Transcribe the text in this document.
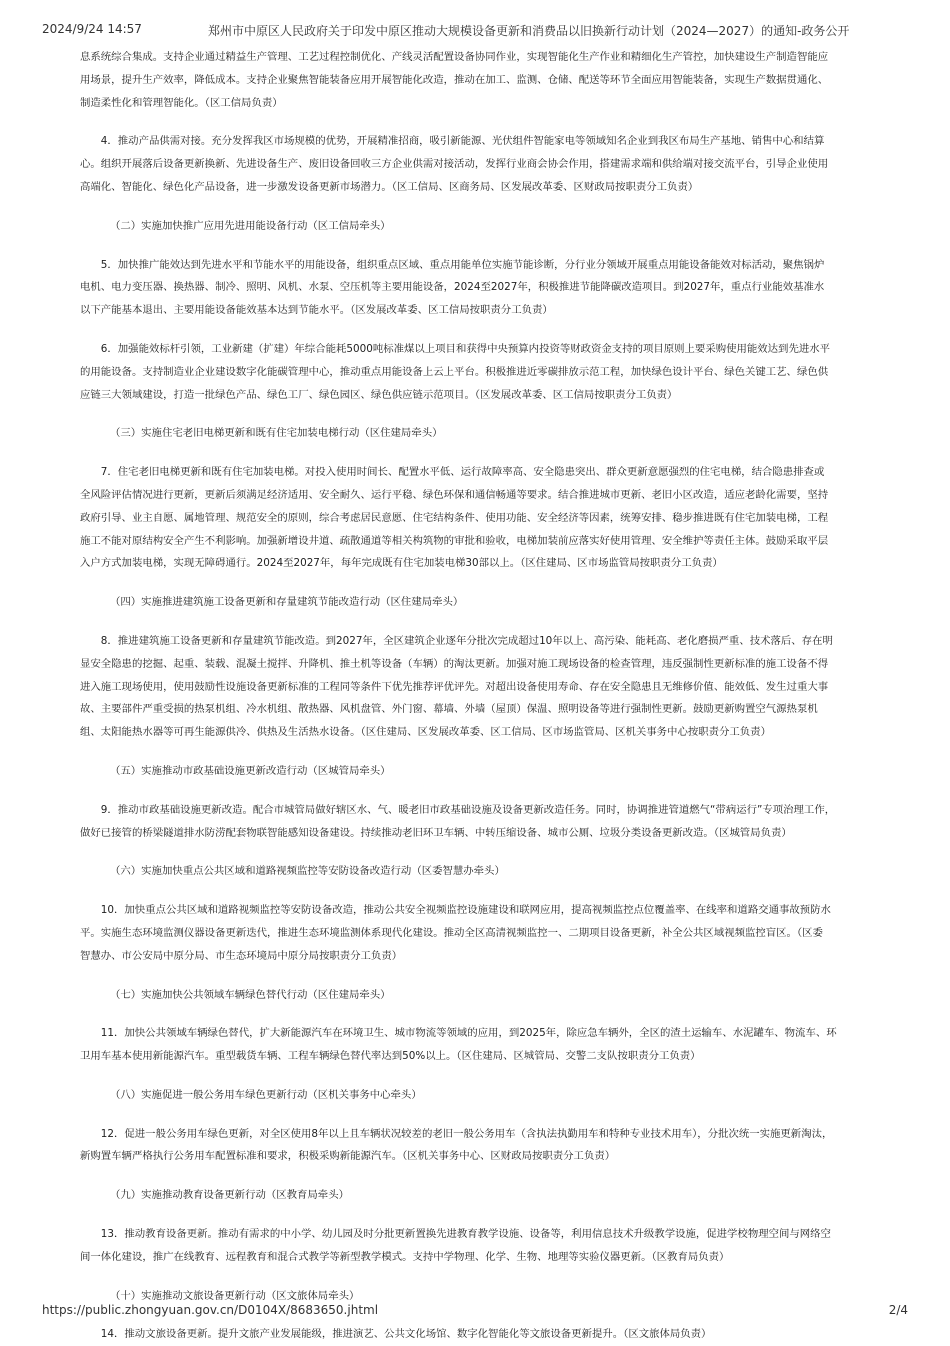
2024/9/24 14:57	郑州市中原区人民政府关于印发中原区推动大规模设备更新和消费品以旧换新行动计划（2024—2027）的通知-政务公开

息系统综合集成。支持企业通过精益生产管理、工艺过程控制优化、产线灵活配置设备协同作业，实现智能化生产作业和精细化生产管控，加快建设生产制造智能应

用场景，提升生产效率，降低成本。支持企业聚焦智能装备应用开展智能化改造，推动在加工、监测、仓储、配送等环节全面应用智能装备，实现生产数据贯通化、

制造柔性化和管理智能化。（区工信局负责）

　　4．推动产品供需对接。充分发挥我区市场规模的优势，开展精准招商，吸引新能源、光伏组件智能家电等领域知名企业到我区布局生产基地、销售中心和结算

心。组织开展落后设备更新换新、先进设备生产、废旧设备回收三方企业供需对接活动，发挥行业商会协会作用，搭建需求端和供给端对接交流平台，引导企业使用

高端化、智能化、绿色化产品设备，进一步激发设备更新市场潜力。（区工信局、区商务局、区发展改革委、区财政局按职责分工负责）

（二）实施加快推广应用先进用能设备行动（区工信局牵头）

　　5．加快推广能效达到先进水平和节能水平的用能设备，组织重点区域、重点用能单位实施节能诊断，分行业分领域开展重点用能设备能效对标活动，聚焦锅炉

电机、电力变压器、换热器、制冷、照明、风机、水泵、空压机等主要用能设备，2024至2027年，积极推进节能降碳改造项目。到2027年，重点行业能效基准水

以下产能基本退出、主要用能设备能效基本达到节能水平。（区发展改革委、区工信局按职责分工负责）

　　6．加强能效标杆引领，工业新建（扩建）年综合能耗5000吨标准煤以上项目和获得中央预算内投资等财政资金支持的项目原则上要采购使用能效达到先进水平

的用能设备。支持制造业企业建设数字化能碳管理中心，推动重点用能设备上云上平台。积极推进近零碳排放示范工程，加快绿色设计平台、绿色关键工艺、绿色供

应链三大领域建设，打造一批绿色产品、绿色工厂、绿色园区、绿色供应链示范项目。（区发展改革委、区工信局按职责分工负责）

（三）实施住宅老旧电梯更新和既有住宅加装电梯行动（区住建局牵头）

　　7．住宅老旧电梯更新和既有住宅加装电梯。对投入使用时间长、配置水平低、运行故障率高、安全隐患突出、群众更新意愿强烈的住宅电梯，结合隐患排查或

全风险评估情况进行更新，更新后须满足经济适用、安全耐久、运行平稳、绿色环保和通信畅通等要求。结合推进城市更新、老旧小区改造，适应老龄化需要，坚持

政府引导、业主自愿、属地管理、规范安全的原则，综合考虑居民意愿、住宅结构条件、使用功能、安全经济等因素，统筹安排、稳步推进既有住宅加装电梯，工程

施工不能对原结构安全产生不利影响。加强新增设井道、疏散通道等相关构筑物的审批和验收，电梯加装前应落实好使用管理、安全维护等责任主体。鼓励采取平层

入户方式加装电梯，实现无障碍通行。2024至2027年，每年完成既有住宅加装电梯30部以上。（区住建局、区市场监管局按职责分工负责）

（四）实施推进建筑施工设备更新和存量建筑节能改造行动（区住建局牵头）

　　8．推进建筑施工设备更新和存量建筑节能改造。到2027年，全区建筑企业逐年分批次完成超过10年以上、高污染、能耗高、老化磨损严重、技术落后、存在明

显安全隐患的挖掘、起重、装载、混凝土搅拌、升降机、推土机等设备（车辆）的淘汰更新。加强对施工现场设备的检查管理，违反强制性更新标准的施工设备不得

进入施工现场使用，使用鼓励性设施设备更新标准的工程同等条件下优先推荐评优评先。对超出设备使用寿命、存在安全隐患且无维修价值、能效低、发生过重大事

故、主要部件严重受损的热泵机组、冷水机组、散热器、风机盘管、外门窗、幕墙、外墙（屋顶）保温、照明设备等进行强制性更新。鼓励更新购置空气源热泵机

组、太阳能热水器等可再生能源供冷、供热及生活热水设备。（区住建局、区发展改革委、区工信局、区市场监管局、区机关事务中心按职责分工负责）

（五）实施推动市政基础设施更新改造行动（区城管局牵头）

　　9．推动市政基础设施更新改造。配合市城管局做好辖区水、气、暖老旧市政基础设施及设备更新改造任务。同时，协调推进管道燃气“带病运行”专项治理工作，

做好已接管的桥梁隧道排水防涝配套物联智能感知设备建设。持续推动老旧环卫车辆、中转压缩设备、城市公厕、垃圾分类设备更新改造。（区城管局负责）

（六）实施加快重点公共区域和道路视频监控等安防设备改造行动（区委智慧办牵头）

　　10．加快重点公共区域和道路视频监控等安防设备改造，推动公共安全视频监控设施建设和联网应用，提高视频监控点位覆盖率、在线率和道路交通事故预防水

平。实施生态环境监测仪器设备更新迭代，推进生态环境监测体系现代化建设。推动全区高清视频监控一、二期项目设备更新，补全公共区域视频监控盲区。（区委

智慧办、市公安局中原分局、市生态环境局中原分局按职责分工负责）

（七）实施加快公共领域车辆绿色替代行动（区住建局牵头）

　　11．加快公共领域车辆绿色替代，扩大新能源汽车在环境卫生、城市物流等领域的应用，到2025年，除应急车辆外，全区的渣土运输车、水泥罐车、物流车、环

卫用车基本使用新能源汽车。重型载货车辆、工程车辆绿色替代率达到50%以上。（区住建局、区城管局、交警二支队按职责分工负责）

（八）实施促进一般公务用车绿色更新行动（区机关事务中心牵头）

　　12．促进一般公务用车绿色更新，对全区使用8年以上且车辆状况较差的老旧一般公务用车（含执法执勤用车和特种专业技术用车），分批次统一实施更新淘汰，

新购置车辆严格执行公务用车配置标准和要求，积极采购新能源汽车。（区机关事务中心、区财政局按职责分工负责）

（九）实施推动教育设备更新行动（区教育局牵头）

　　13．推动教育设备更新。推动有需求的中小学、幼儿园及时分批更新置换先进教育教学设施、设备等，利用信息技术升级教学设施，促进学校物理空间与网络空

间一体化建设，推广在线教育、远程教育和混合式教学等新型教学模式。支持中学物理、化学、生物、地理等实验仪器更新。（区教育局负责）

（十）实施推动文旅设备更新行动（区文旅体局牵头）

　　14．推动文旅设备更新。提升文旅产业发展能级，推进演艺、公共文化场馆、数字化智能化等文旅设备更新提升。（区文旅体局负责）

https://public.zhongyuan.gov.cn/D0104X/8683650.jhtml	2/4
